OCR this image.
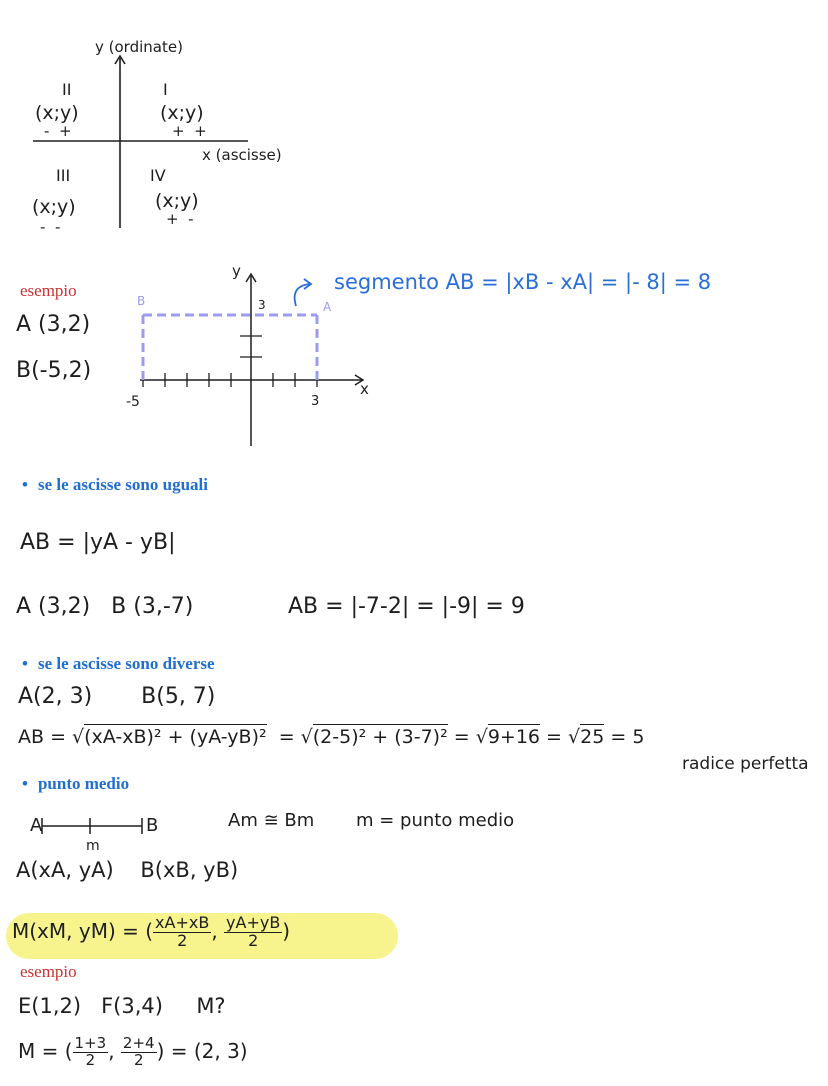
y (ordinate)
x (ascisse)
II
(x;y)
-  +
I
(x;y)
+  +
III
(x;y)
-  -
IV
(x;y)
+  -
esempio
A (3,2)
B(-5,2)
y
x
3
3
-5
A
B
segmento AB = |xB - xA| = |- 8| = 8
• se le ascisse sono uguali
AB = |yA - yB|
A (3,2)   B (3,-7)	AB = |-7-2| = |-9| = 9
• se le ascisse sono diverse
A(2, 3)       B(5, 7)
AB = √(xA-xB)² + (yA-yB)²  = √(2-5)² + (3-7)² = √9+16 = √25 = 5
radice perfetta
• punto medio
A	B
m
Am ≅ Bm m = punto medio
A(xA, yA)    B(xB, yB)
M(xM, yM) = ( $\frac{xA+xB}{2}$ , $\frac{yA+yB}{2}$ )
esempio
E(1,2)   F(3,4)     M?
M = ( $\frac{1+3}{2}$ , $\frac{2+4}{2}$ ) = (2, 3)
